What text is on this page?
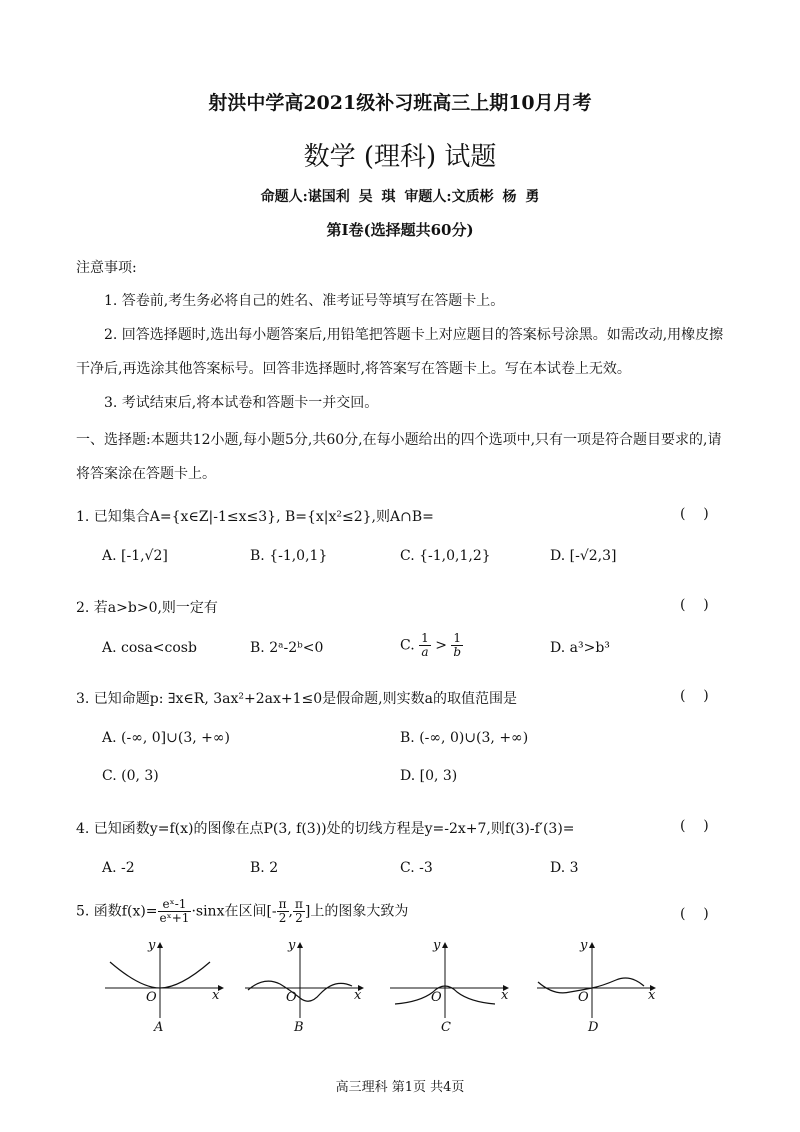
射洪中学高2021级补习班高三上期10月月考
数学 (理科) 试题
命题人:谌国利 吴 琪 审题人:文质彬 杨 勇
第Ⅰ卷(选择题共60分)
注意事项:
1. 答卷前,考生务必将自己的姓名、准考证号等填写在答题卡上。
2. 回答选择题时,选出每小题答案后,用铅笔把答题卡上对应题目的答案标号涂黑。如需改动,用橡皮擦干净后,再选涂其他答案标号。回答非选择题时,将答案写在答题卡上。写在本试卷上无效。
3. 考试结束后,将本试卷和答题卡一并交回。
一、选择题:本题共12小题,每小题5分,共60分,在每小题给出的四个选项中,只有一项是符合题目要求的,请将答案涂在答题卡上。
1. 已知集合A={x∈Z|-1≤x≤3}, B={x|x²≤2},则A∩B=	(    )
A. [-1,√2]	B. {-1,0,1}	C. {-1,0,1,2}	D. [-√2,3]
2. 若a>b>0,则一定有	(    )
A. cosa<cosb	B. 2ᵃ-2ᵇ<0	C. $\frac{1}{a} > \frac{1}{b}$	D. a³>b³
3. 已知命题p: ∃x∈R, 3ax²+2ax+1≤0是假命题,则实数a的取值范围是	(    )
A. (-∞, 0]∪(3, +∞)	B. (-∞, 0)∪(3, +∞)
C. (0, 3)	D. [0, 3)
4. 已知函数y=f(x)的图像在点P(3, f(3))处的切线方程是y=-2x+7,则f(3)-f′(3)=	(    )
A. -2	B. 2	C. -3	D. 3
5. 函数$f(x)= \frac{\text{eˣ-1}}{\text{eˣ+1}} \cdot\sin x$在区间[- $\frac{\pi}{2}$ , $\frac{\pi}{2}$ ]上的图象大致为	(    )
y
x
O
A
y
x
O
B
y
x
O
C
y
x
O
D
高三理科 第1页 共4页
